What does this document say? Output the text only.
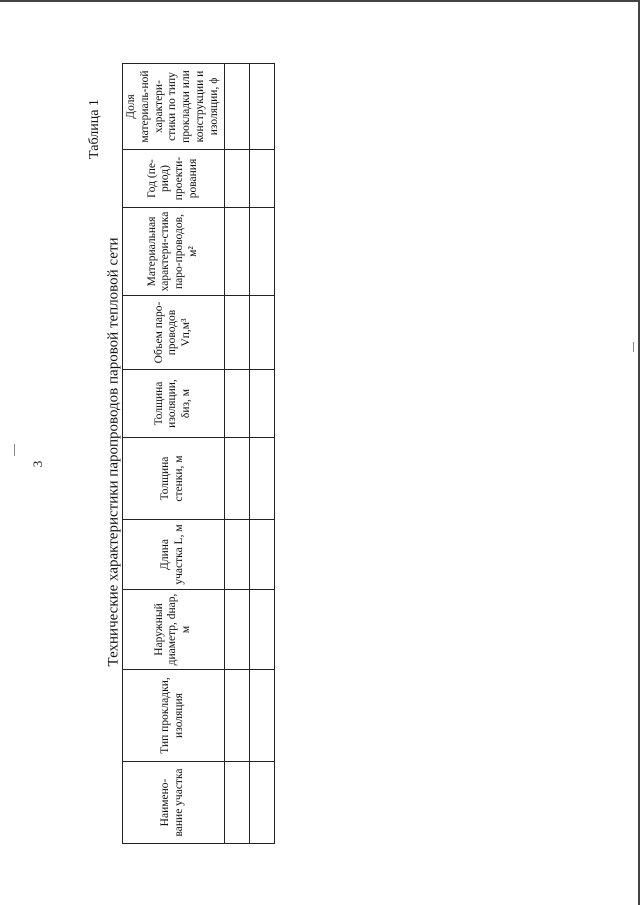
3
Таблица 1
Технические характеристики паропроводов паровой тепловой сети
Наимено-вание участка	Тип прокладки, изоляция	Наружный диаметр, dнар, м	Длина участка L, м	Толщина стенки, м	Толщина изоляции, δиз, м	Объем паро-проводов Vп,м³	Материальная характери-стика паро-проводов, м²	Год (пе-риод) проекти-рования	Доля материаль-ной характери-стики по типу прокладки или конструкции и изоляции, ϕ
